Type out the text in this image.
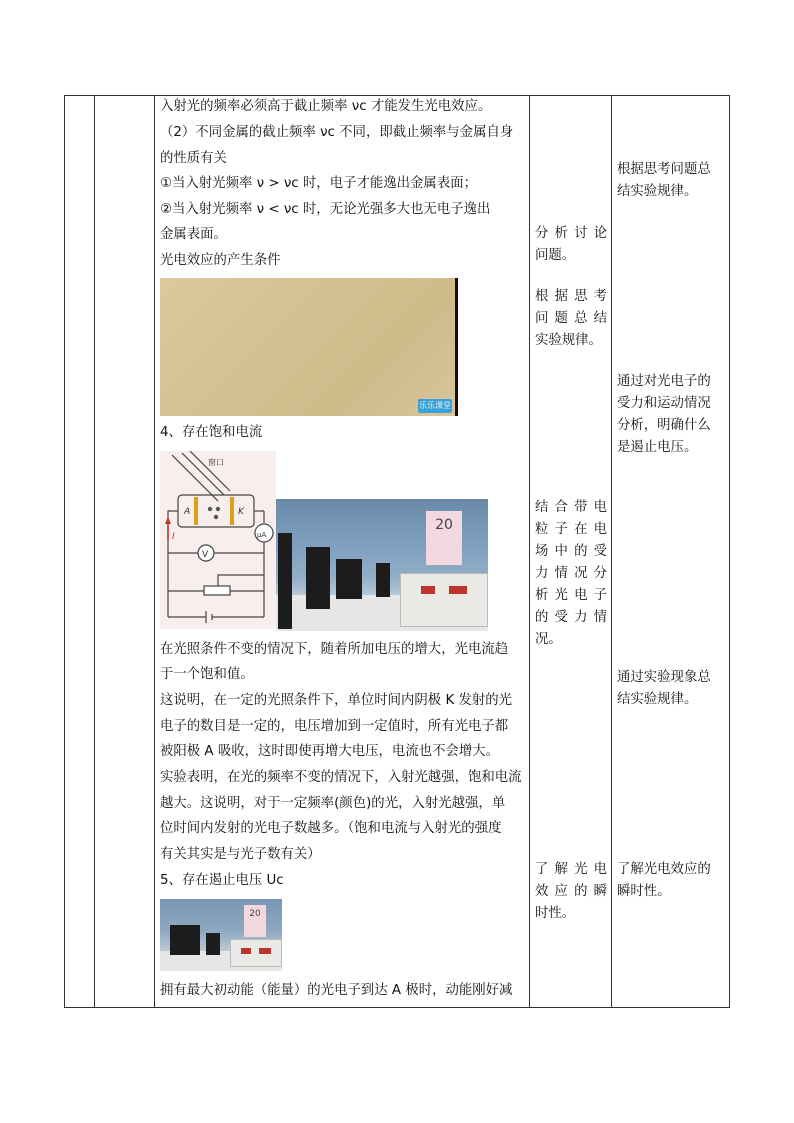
入射光的频率必须高于截止频率 νc 才能发生光电效应。
（2）不同金属的截止频率 νc 不同，即截止频率与金属自身
的性质有关
①当入射光频率 ν > νc 时，电子才能逸出金属表面；
②当入射光频率 ν < νc 时，无论光强多大也无电子逸出
金属表面。
光电效应的产生条件
乐乐课堂
4、存在饱和电流
窗口
A	K
I
V
μA
20
在光照条件不变的情况下，随着所加电压的增大，光电流趋
于一个饱和值。
这说明，在一定的光照条件下，单位时间内阴极 K 发射的光
电子的数目是一定的，电压增加到一定值时，所有光电子都
被阳极 A 吸收，这时即使再增大电压，电流也不会增大。
实验表明，在光的频率不变的情况下，入射光越强，饱和电流
越大。这说明，对于一定频率(颜色)的光，入射光越强，单
位时间内发射的光电子数越多。（饱和电流与入射光的强度
有关其实是与光子数有关）
5、存在遏止电压 Uc
20
拥有最大初动能（能量）的光电子到达 A 极时，动能刚好减
分析讨论
问题。
根据思考
问题总结
实验规律。
结合带电
粒子在电
场中的受
力情况分
析光电子
的受力情
况。
了解光电
效应的瞬
时性。
根据思考问题总
结实验规律。
通过对光电子的
受力和运动情况
分析，明确什么
是遏止电压。
通过实验现象总
结实验规律。
了解光电效应的
瞬时性。
